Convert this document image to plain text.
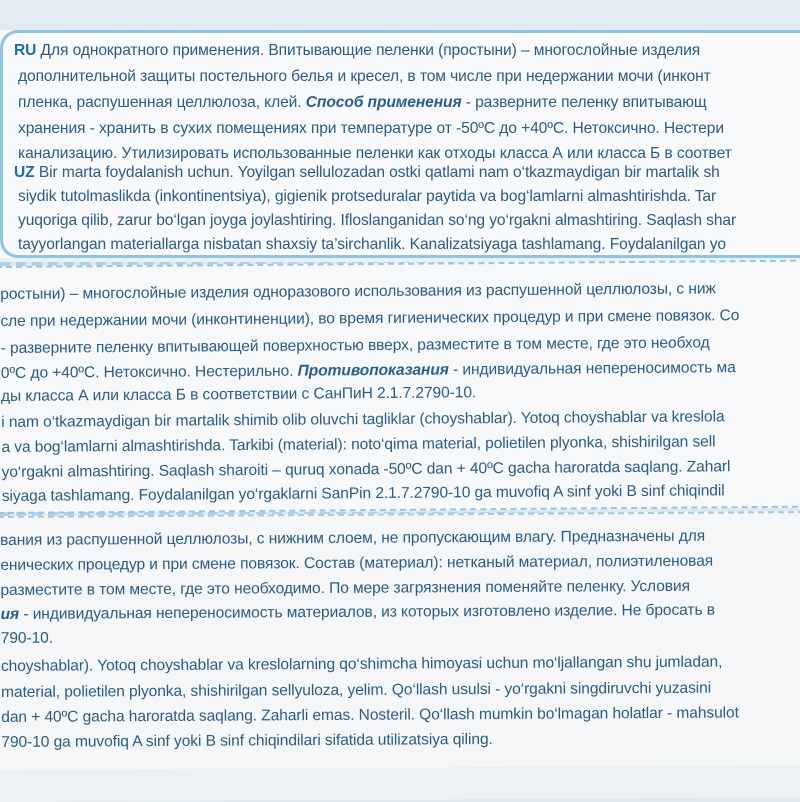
RU Для однократного применения. Впитывающие пеленки (простыни) – многослойные изделия
дополнительной защиты постельного белья и кресел, в том числе при недержании мочи (инконт
пленка, распушенная целлюлоза, клей. Способ применения - разверните пеленку впитывающ
хранения - хранить в сухих помещениях при температуре от -50ºC до +40ºC. Нетоксично. Нестери
канализацию. Утилизировать использованные пеленки как отходы класса А или класса Б в соответ
UZ Bir marta foydalanish uchun. Yoyilgan sellulozadan ostki qatlami nam o‘tkazmaydigan bir martalik sh
siydik tutolmaslikda (inkontinentsiya), gigienik protseduralar paytida va bog‘lamlarni almashtirishda. Tar
yuqoriga qilib, zarur bo‘lgan joyga joylashtiring. Ifloslanganidan so‘ng yo‘rgakni almashtiring. Saqlash shar
tayyorlangan materiallarga nisbatan shaxsiy ta’sirchanlik. Kanalizatsiyaga tashlamang. Foydalanilgan yo
ростыни) – многослойные изделия одноразового использования из распушенной целлюлозы, с ниж
сле при недержании мочи (инконтиненции), во время гигиенических процедур и при смене повязок. Со
- разверните пеленку впитывающей поверхностью вверх, разместите в том месте, где это необход
0ºC до +40ºC. Нетоксично. Нестерильно. Противопоказания - индивидуальная непереносимость ма
ды класса А или класса Б в соответствии с СанПиН 2.1.7.2790-10.
i nam o‘tkazmaydigan bir martalik shimib olib oluvchi tagliklar (choyshablar). Yotoq choyshablar va kreslola
a va bog‘lamlarni almashtirishda. Tarkibi (material): noto‘qima material, polietilen plyonka, shishirilgan sell
yo‘rgakni almashtiring. Saqlash sharoiti – quruq xonada -50ºC dan + 40ºC gacha haroratda saqlang. Zaharl
siyaga tashlamang. Foydalanilgan yo‘rgaklarni SanPin 2.1.7.2790-10 ga muvofiq A sinf yoki B sinf chiqindil
вания из распушенной целлюлозы, с нижним слоем, не пропускающим влагу. Предназначены для
енических процедур и при смене повязок. Состав (материал): нетканый материал, полиэтиленовая
разместите в том месте, где это необходимо. По мере загрязнения поменяйте пеленку. Условия
ия - индивидуальная непереносимость материалов, из которых изготовлено изделие. Не бросать в
790-10.
choyshablar). Yotoq choyshablar va kreslolarning qo‘shimcha himoyasi uchun mo‘ljallangan shu jumladan,
material, polietilen plyonka, shishirilgan sellyuloza, yelim. Qo‘llash usulsi - yo‘rgakni singdiruvchi yuzasini
dan + 40ºC gacha haroratda saqlang. Zaharli emas. Nosteril. Qo‘llash mumkin bo‘lmagan holatlar - mahsulot
790-10 ga muvofiq A sinf yoki B sinf chiqindilari sifatida utilizatsiya qiling.
